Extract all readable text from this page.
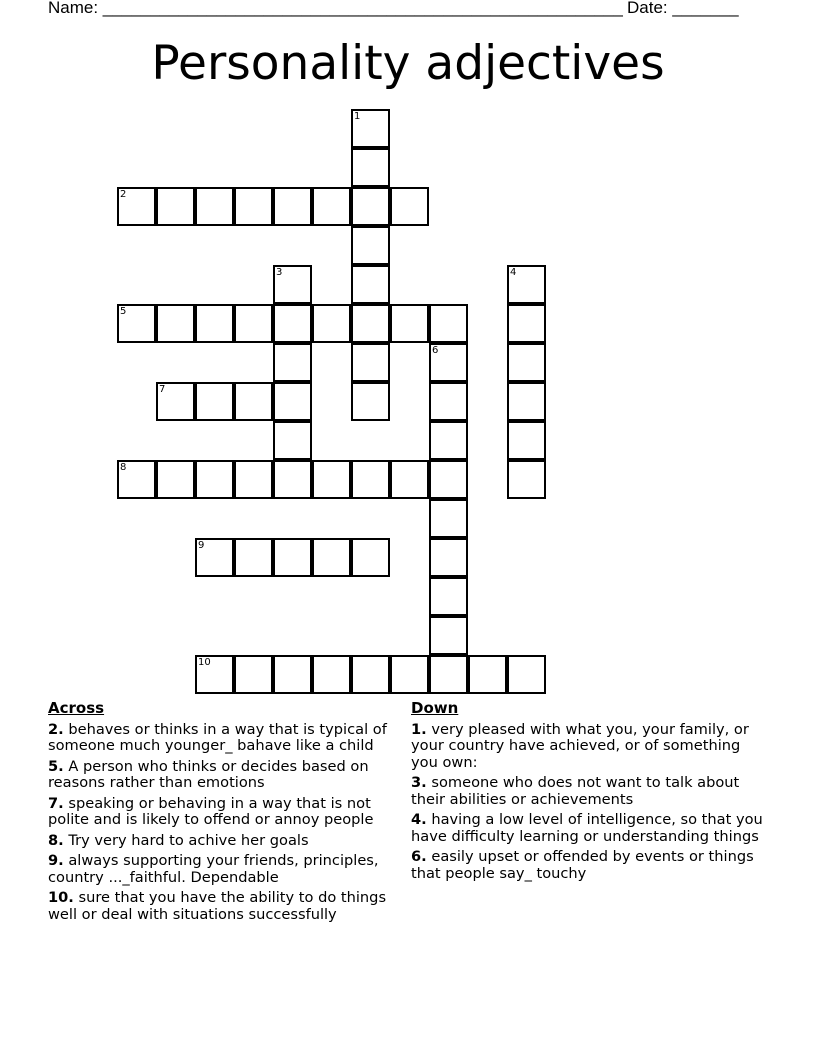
Name: _______________________________________________________ Date: _______
Personality adjectives
1
2
3	4
5
6
7
8
9
10
Across
2. behaves or thinks in a way that is typical of someone much younger_ bahave like a child
5. A person who thinks or decides based on reasons rather than emotions
7. speaking or behaving in a way that is not polite and is likely to offend or annoy people
8. Try very hard to achive her goals
9. always supporting your friends, principles, country ..._faithful. Dependable
10. sure that you have the ability to do things well or deal with situations successfully
Down
1. very pleased with what you, your family, or your country have achieved, or of something you own:
3. someone who does not want to talk about their abilities or achievements
4. having a low level of intelligence, so that you have difficulty learning or understanding things
6. easily upset or offended by events or things that people say_ touchy
